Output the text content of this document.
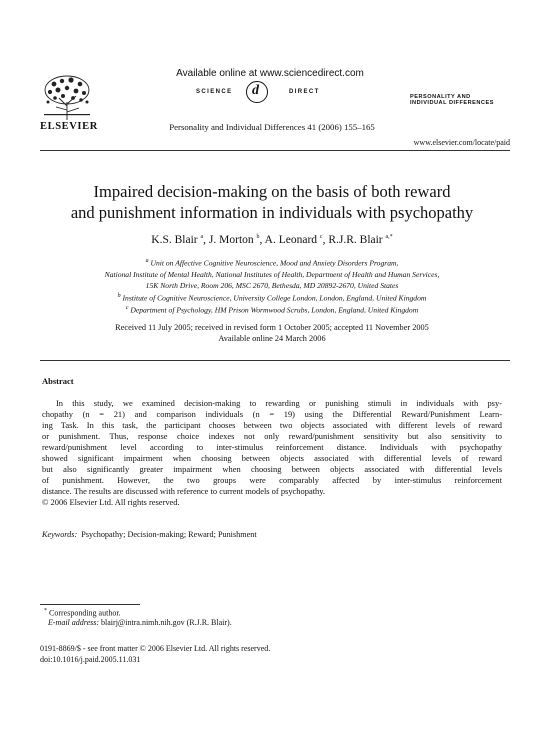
ELSEVIER
Available online at www.sciencedirect.com
SCIENCE d	DIRECT
PERSONALITY AND
INDIVIDUAL DIFFERENCES
Personality and Individual Differences 41 (2006) 155–165
www.elsevier.com/locate/paid
Impaired decision-making on the basis of both reward
and punishment information in individuals with psychopathy
K.S. Blair $^a$, J. Morton $^b$, A. Leonard $^c$, R.J.R. Blair $^{a,*}$
$^a$ Unit on Affective Cognitive Neuroscience, Mood and Anxiety Disorders Program,
National Institute of Mental Health, National Institutes of Health, Department of Health and Human Services,
15K North Drive, Room 206, MSC 2670, Bethesda, MD 20892-2670, United States
$^b$ Institute of Cognitive Neuroscience, University College London, London, England, United Kingdom
$^c$ Department of Psychology, HM Prison Wormwood Scrubs, London, England, United Kingdom
Received 11 July 2005; received in revised form 1 October 2005; accepted 11 November 2005
Available online 24 March 2006
Abstract
In this study, we examined decision-making to rewarding or punishing stimuli in individuals with psy-
chopathy (n = 21) and comparison individuals (n = 19) using the Differential Reward/Punishment Learn-
ing Task. In this task, the participant chooses between two objects associated with different levels of reward
or punishment. Thus, response choice indexes not only reward/punishment sensitivity but also sensitivity to
reward/punishment level according to inter-stimulus reinforcement distance. Individuals with psychopathy
showed significant impairment when choosing between objects associated with differential levels of reward
but also significantly greater impairment when choosing between objects associated with differential levels
of punishment. However, the two groups were comparably affected by inter-stimulus reinforcement
distance. The results are discussed with reference to current models of psychopathy.
© 2006 Elsevier Ltd. All rights reserved.
Keywords: Psychopathy; Decision-making; Reward; Punishment
* Corresponding author.
E-mail address: blairj@intra.nimh.nih.gov (R.J.R. Blair).
0191-8869/$ - see front matter © 2006 Elsevier Ltd. All rights reserved.
doi:10.1016/j.paid.2005.11.031
